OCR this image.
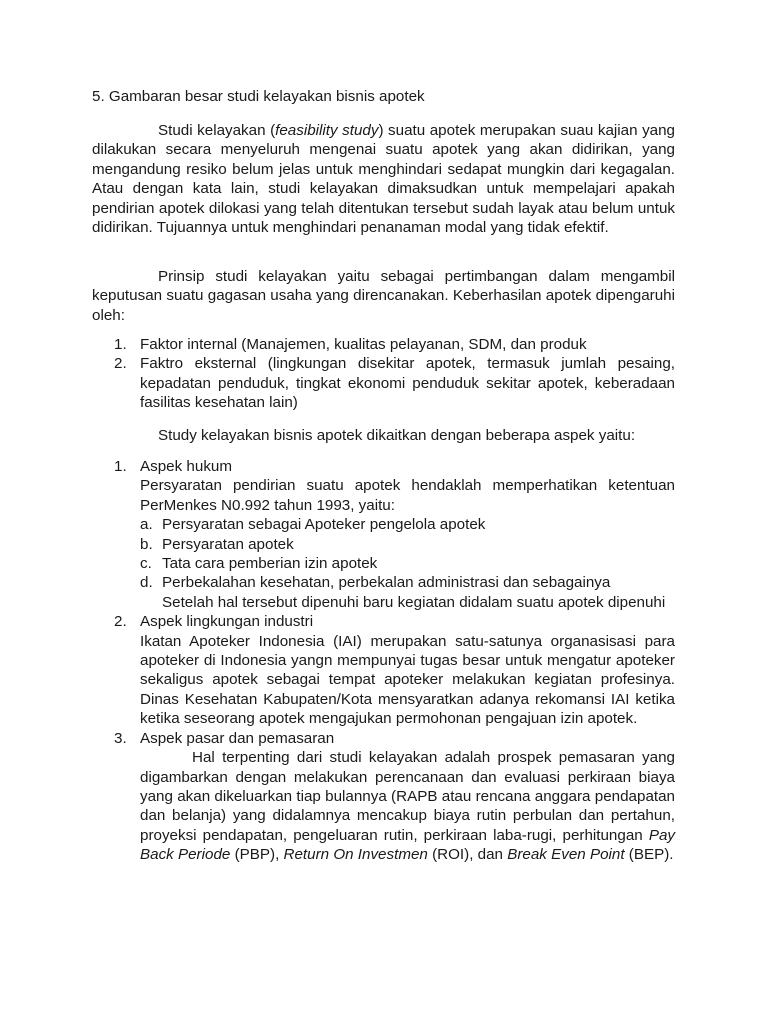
5. Gambaran besar studi kelayakan bisnis apotek

Studi kelayakan (feasibility study) suatu apotek merupakan suau kajian yang dilakukan secara menyeluruh mengenai suatu apotek yang akan didirikan, yang mengandung resiko belum jelas untuk menghindari sedapat mungkin dari kegagalan. Atau dengan kata lain, studi kelayakan dimaksudkan untuk mempelajari apakah pendirian apotek dilokasi yang telah ditentukan tersebut sudah layak atau belum untuk didirikan. Tujuannya untuk menghindari penanaman modal yang tidak efektif.

Prinsip studi kelayakan yaitu sebagai pertimbangan dalam mengambil keputusan suatu gagasan usaha yang direncanakan. Keberhasilan apotek dipengaruhi oleh:

1. Faktor internal (Manajemen, kualitas pelayanan, SDM, dan produk
2. Faktro eksternal (lingkungan disekitar apotek, termasuk jumlah pesaing, kepadatan penduduk, tingkat ekonomi penduduk sekitar apotek, keberadaan fasilitas kesehatan lain)

Study kelayakan bisnis apotek dikaitkan dengan beberapa aspek yaitu:

1. Aspek hukum

Persyaratan pendirian suatu apotek hendaklah memperhatikan ketentuan PerMenkes N0.992 tahun 1993, yaitu:

a. Persyaratan sebagai Apoteker pengelola apotek
b. Persyaratan apotek
c. Tata cara pemberian izin apotek
d. Perbekalahan kesehatan, perbekalan administrasi dan sebagainya

Setelah hal tersebut dipenuhi baru kegiatan didalam suatu apotek dipenuhi

2. Aspek lingkungan industri

Ikatan Apoteker Indonesia (IAI) merupakan satu-satunya organasisasi para apoteker di Indonesia yangn mempunyai tugas besar untuk mengatur apoteker sekaligus apotek sebagai tempat apoteker melakukan kegiatan profesinya. Dinas Kesehatan Kabupaten/Kota mensyaratkan adanya rekomansi IAI ketika ketika seseorang apotek mengajukan permohonan pengajuan izin apotek.

3. Aspek pasar dan pemasaran

Hal terpenting dari studi kelayakan adalah prospek pemasaran yang digambarkan dengan melakukan perencanaan dan evaluasi perkiraan biaya yang akan dikeluarkan tiap bulannya (RAPB atau rencana anggara pendapatan dan belanja) yang didalamnya mencakup biaya rutin perbulan dan pertahun, proyeksi pendapatan, pengeluaran rutin, perkiraan laba-rugi, perhitungan Pay Back Periode (PBP), Return On Investmen (ROI), dan Break Even Point (BEP).
